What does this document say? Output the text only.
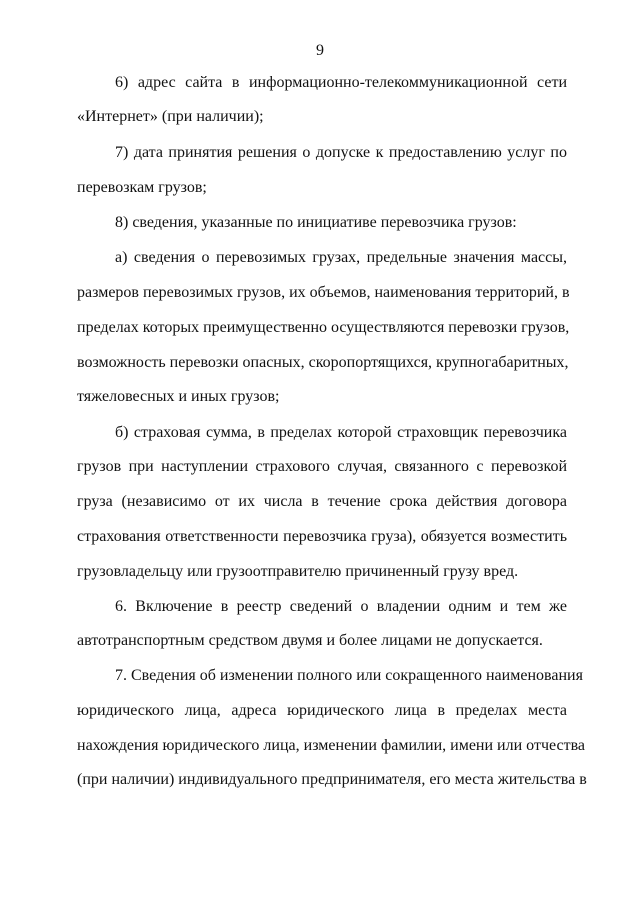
9
6) адрес сайта в информационно-телекоммуникационной сети
«Интернет» (при наличии);
7) дата принятия решения о допуске к предоставлению услуг по
перевозкам грузов;
8) сведения, указанные по инициативе перевозчика грузов:
а) сведения о перевозимых грузах, предельные значения массы,
размеров перевозимых грузов, их объемов, наименования территорий, в
пределах которых преимущественно осуществляются перевозки грузов,
возможность перевозки опасных, скоропортящихся, крупногабаритных,
тяжеловесных и иных грузов;
б) страховая сумма, в пределах которой страховщик перевозчика
грузов при наступлении страхового случая, связанного с перевозкой
груза (независимо от их числа в течение срока действия договора
страхования ответственности перевозчика груза), обязуется возместить
грузовладельцу или грузоотправителю причиненный грузу вред.
6. Включение в реестр сведений о владении одним и тем же
автотранспортным средством двумя и более лицами не допускается.
7. Сведения об изменении полного или сокращенного наименования
юридического лица, адреса юридического лица в пределах места
нахождения юридического лица, изменении фамилии, имени или отчества
(при наличии) индивидуального предпринимателя, его места жительства в
